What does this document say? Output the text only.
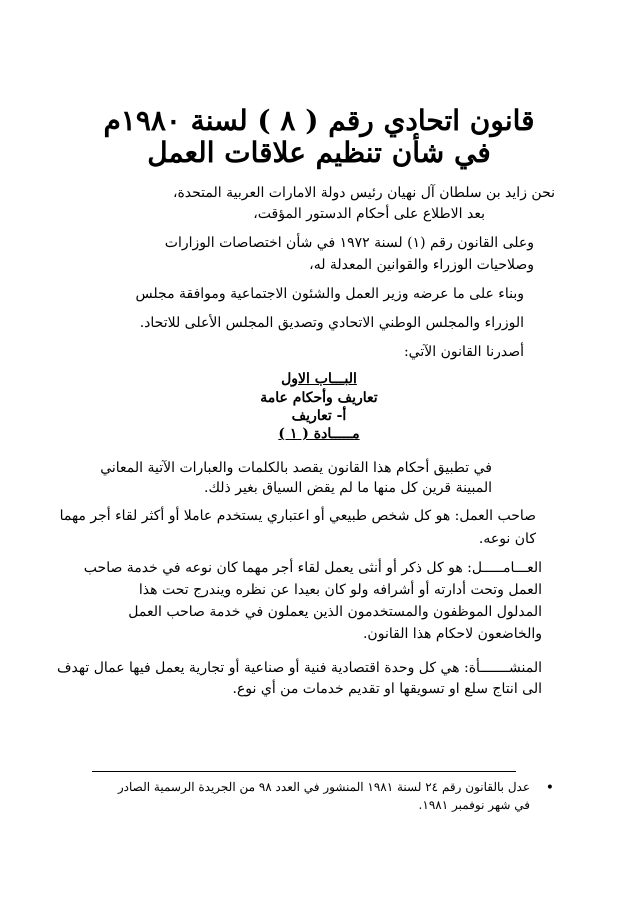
قانون اتحادي رقم ( ٨ ) لسنة ١٩٨٠م
في شأن تنظيم علاقات العمل
نحن زايد بن سلطان آل نهيان رئيس دولة الامارات العربية المتحدة،
بعد الاطلاع على أحكام الدستور المؤقت،
وعلى القانون رقم (١) لسنة ١٩٧٢ في شأن اختصاصات الوزارات
وصلاحيات الوزراء والقوانين المعدلة له،
وبناء على ما عرضه وزير العمل والشئون الاجتماعية وموافقة مجلس
الوزراء والمجلس الوطني الاتحادي وتصديق المجلس الأعلى للاتحاد.
أصدرنا القانون الآتي:
البـــاب الاول
تعاريف وأحكام عامة
أ- تعاريف
مـــــادة ( ١ )
في تطبيق أحكام هذا القانون يقصد بالكلمات والعبارات الآتية المعاني
المبينة قرين كل منها ما لم يقض السياق بغير ذلك.
صاحب العمل: هو كل شخص طبيعي أو اعتباري يستخدم عاملا أو أكثر لقاء أجر مهما
كان نوعه.
العـــامـــــل: هو كل ذكر أو أنثى يعمل لقاء أجر مهما كان نوعه في خدمة صاحب
العمل وتحت أدارته أو أشرافه ولو كان بعيدا عن نظره ويندرج تحت هذا
المدلول الموظفون والمستخدمون الذين يعملون في خدمة صاحب العمل
والخاضعون لاحكام هذا القانون.
المنشـــــــأة: هي كل وحدة اقتصادية فنية أو صناعية أو تجارية يعمل فيها عمال تهدف
الى انتاج سلع او تسويقها او تقديم خدمات من أي نوع.
•
عدل بالقانون رقم ٢٤ لسنة ١٩٨١ المنشور في العدد ٩٨ من الجريدة الرسمية الصادر
في شهر نوفمبر ١٩٨١.
